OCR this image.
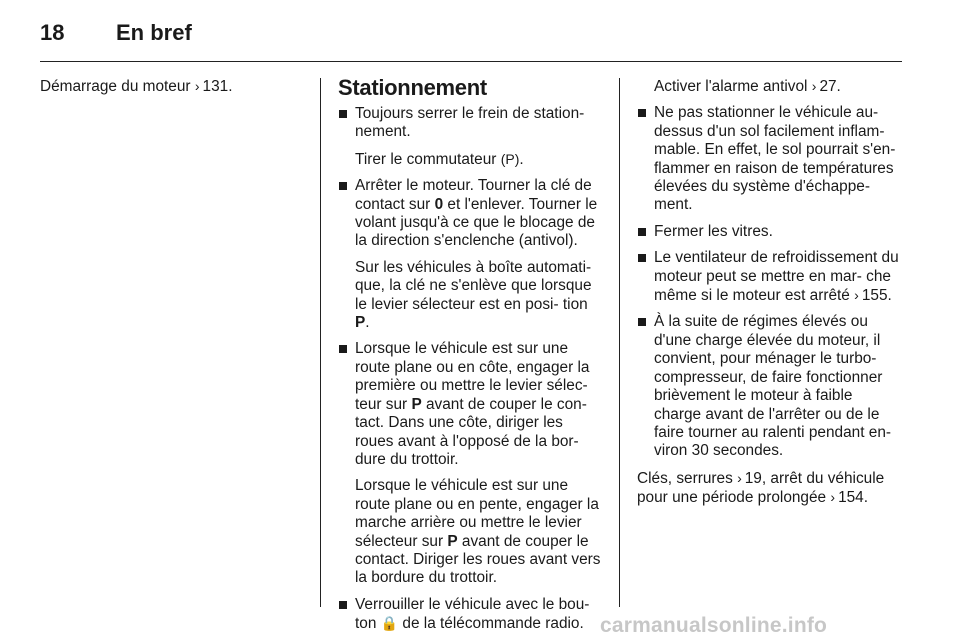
18 En bref
Démarrage du moteur › 131.	Stationnement
Toujours serrer le frein de station- nement.
Tirer le commutateur (P).
Arrêter le moteur. Tourner la clé de contact sur 0 et l'enlever. Tourner le volant jusqu'à ce que le blocage de la direction s'enclenche (antivol).
Sur les véhicules à boîte automati- que, la clé ne s'enlève que lorsque le levier sélecteur est en posi- tion P.
Lorsque le véhicule est sur une route plane ou en côte, engager la première ou mettre le levier sélec- teur sur P avant de couper le con- tact. Dans une côte, diriger les roues avant à l'opposé de la bor- dure du trottoir.
Lorsque le véhicule est sur une route plane ou en pente, engager la marche arrière ou mettre le levier sélecteur sur P avant de couper le contact. Diriger les roues avant vers la bordure du trottoir.
Verrouiller le véhicule avec le bou- ton 🔒 de la télécommande radio.
Activer l'alarme antivol › 27.
Ne pas stationner le véhicule au- dessus d'un sol facilement inflam- mable. En effet, le sol pourrait s'en- flammer en raison de températures élevées du système d'échappe- ment.
Fermer les vitres.
Le ventilateur de refroidissement du moteur peut se mettre en mar- che même si le moteur est arrêté › 155.
À la suite de régimes élevés ou d'une charge élevée du moteur, il convient, pour ménager le turbo- compresseur, de faire fonctionner brièvement le moteur à faible charge avant de l'arrêter ou de le faire tourner au ralenti pendant en- viron 30 secondes.
Clés, serrures › 19, arrêt du véhicule pour une période prolongée › 154.
carmanualsonline.info
